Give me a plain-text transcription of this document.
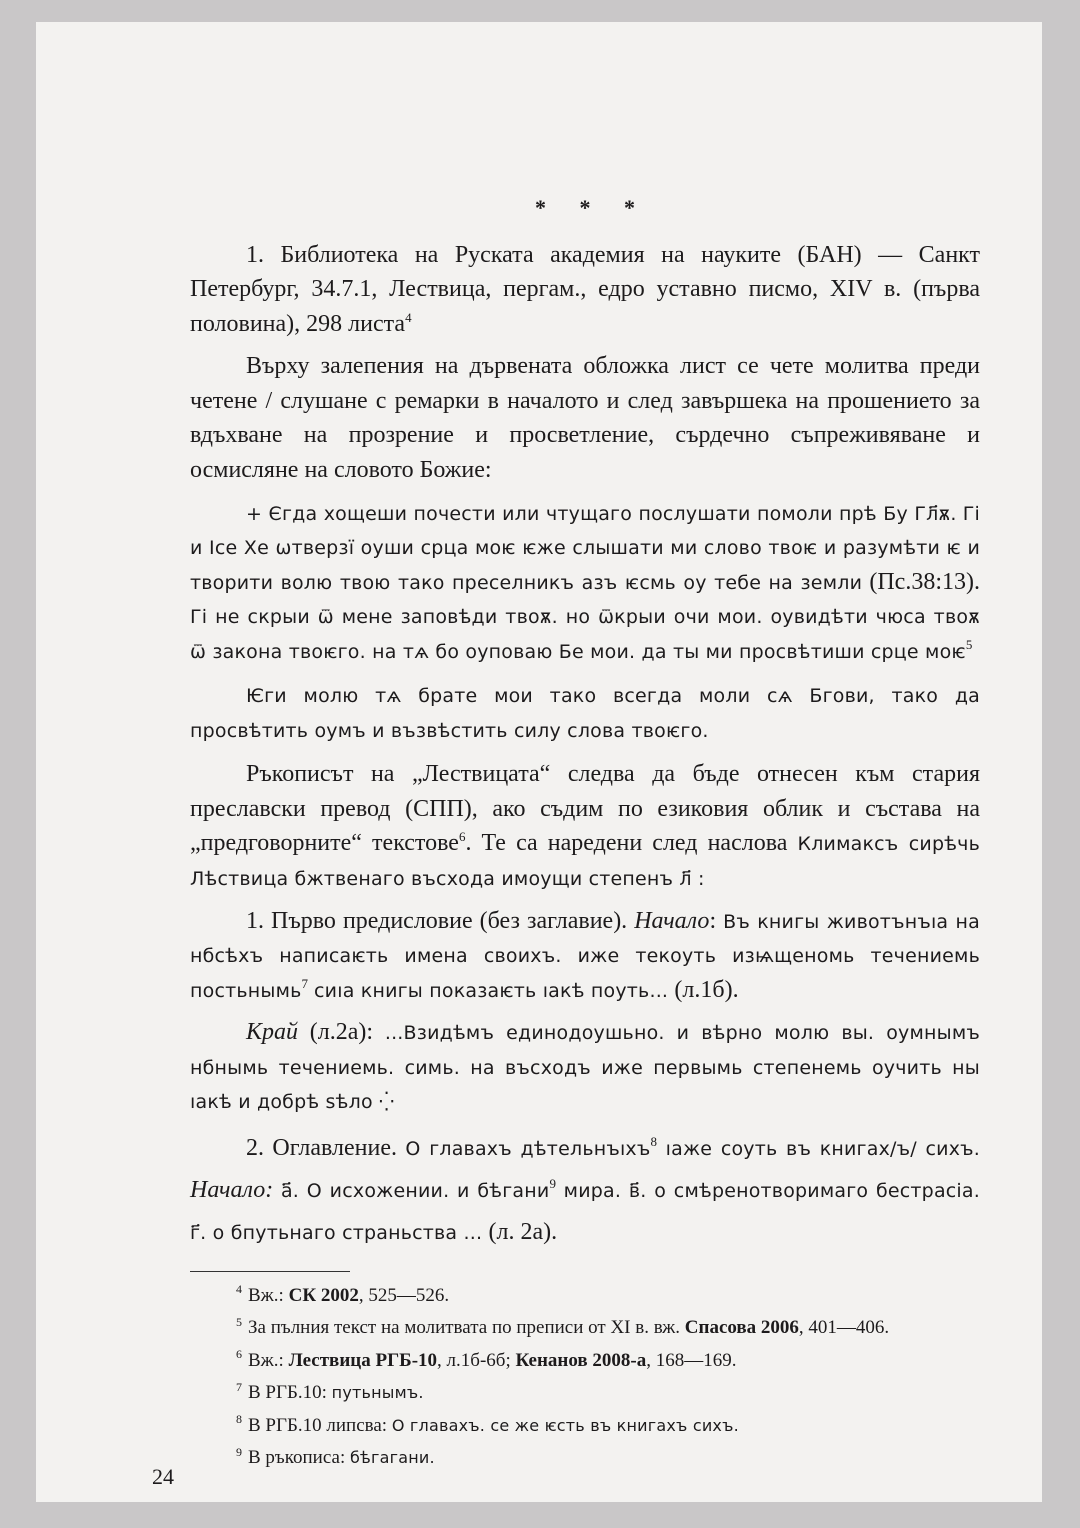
* * *

1. Библиотека на Руската академия на науките (БАН) — Санкт Петербург, 34.7.1, Лествица, пергам., едро уставно писмо, XIV в. (първа половина), 298 листа$^4$

Върху залепения на дървената обложка лист се чете молитва преди четене / слушане с ремарки в началото и след завършека на прошението за вдъхване на прозрение и просветление, сърдечно съпреживяване и осмисляне на словото Божие:

+ Єгда хощеши почести или чтущаго послушати помоли прѣ Бу Гл҃ѫ. Гі и Ісе Хе ѡтверзї оуши срца моѥ ѥже слышати ми слово твоѥ и разумѣти ѥ и творити волю твою тако преселникъ азъ ѥсмь оу тебе на земли (Пс.38:13). Гі не скрыи ѿ мене заповѣди твоѫ. но ѿкрыи очи мои. оувидѣти чюса твоѫ ѿ закона твоѥго. на тѧ бо оуповаю Бе мои. да ты ми просвѣтиши срце моѥ$^5$

Ѥги молю тѧ брате мои тако всегда моли сѧ Бгови, тако да просвѣтить оумъ и възвѣстить силу слова твоѥго.

Ръкописът на „Лествицата“ следва да бъде отнесен към стария преславски превод (СПП), ако съдим по езиковия облик и състава на „предговорните“ текстове$^6$. Те са наредени след наслова Климаксъ сирѣчь Лѣствица бжтвенаго въсхода имоущи степенъ л҃ :

1. Първо предисловие (без заглавие). Начало: Въ книгы животънъıа на нбсѣхъ написаѥть имена своихъ. иже текоуть изѩщеномь течениемь постьнымь$^7$ сиıа книгы показаѥть ıакѣ поуть... (л.1б).

Край (л.2а): ...Взидѣмъ единодоушьно. и вѣрно молю вы. оумнымъ нбнымь течениемь. симь. на въсходъ иже первымь степенемь оучить ны ıакѣ и добрѣ ѕѣло ⁛

2. Оглавление. О главахъ дѣтельнъıхъ$^8$ ıаже соуть въ книгах/ъ/ сихъ. Начало: а҃. О исхожении. и бѣгани$^9$ мира. в҃. о смѣренотворимаго бестрасіа. г҃. о бпутьнаго страньства ... (л. 2а).

$^4$ Вж.: СК 2002, 525—526.

$^5$ За пълния текст на молитвата по преписи от XI в. вж. Спасова 2006, 401—406.

$^6$ Вж.: Лествица РГБ-10, л.1б-6б; Кенанов 2008-а, 168—169.

$^7$ В РГБ.10: путьнымъ.

$^8$ В РГБ.10 липсва: О главахъ. се же ѥсть въ книгахъ сихъ.

$^9$ В ръкописа: бѣгагани.

24
